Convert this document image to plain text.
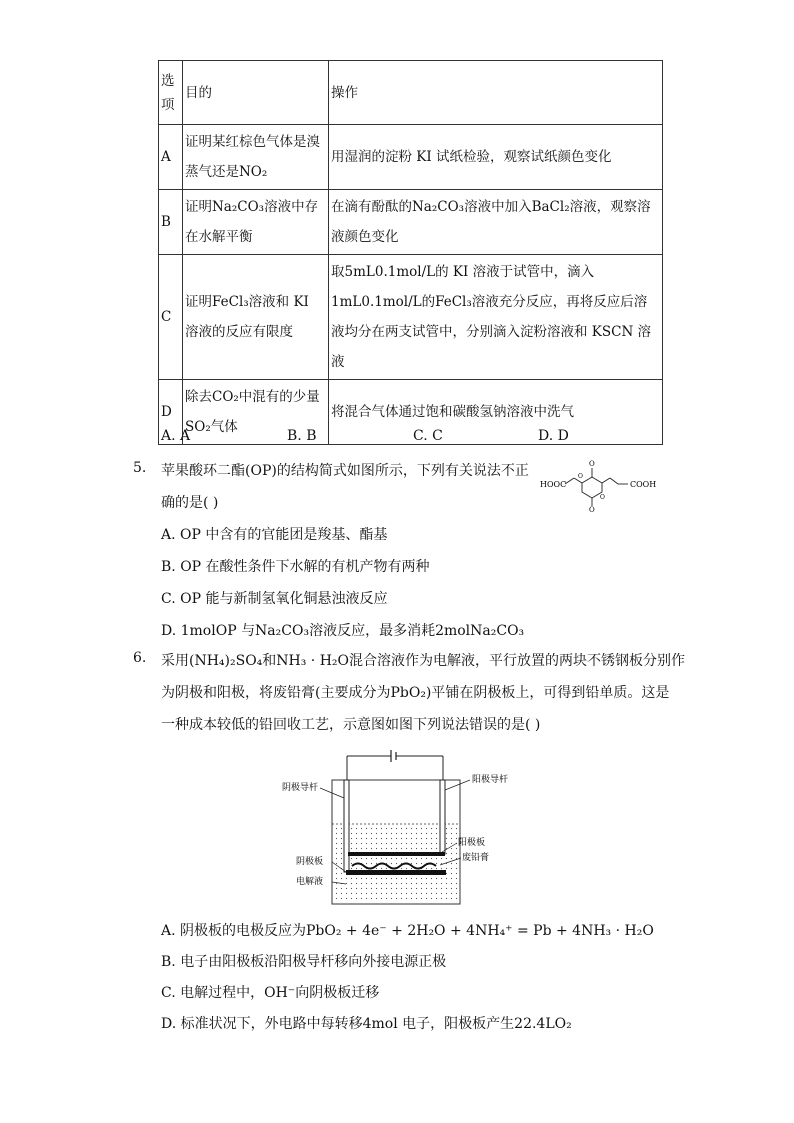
选项	目的	操作
A	证明某红棕色气体是溴蒸气还是NO₂	用湿润的淀粉 KI 试纸检验，观察试纸颜色变化
B	证明Na₂CO₃溶液中存在水解平衡	在滴有酚酞的Na₂CO₃溶液中加入BaCl₂溶液，观察溶液颜色变化
C	证明FeCl₃溶液和 KI 溶液的反应有限度	取5mL0.1mol/L的 KI 溶液于试管中，滴入1mL0.1mol/L的FeCl₃溶液充分反应，再将反应后溶液均分在两支试管中，分别滴入淀粉溶液和 KSCN 溶液
D	除去CO₂中混有的少量SO₂气体	将混合气体通过饱和碳酸氢钠溶液中洗气
A. A	B. B	C. C	D. D
5. 苹果酸环二酯(OP)的结构简式如图所示，下列有关说法不正
确的是( )
HOOC
O
O
O
O
COOH
A. OP 中含有的官能团是羧基、酯基
B. OP 在酸性条件下水解的有机产物有两种
C. OP 能与新制氢氧化铜悬浊液反应
D. 1molOP 与Na₂CO₃溶液反应，最多消耗2molNa₂CO₃
6. 采用(NH₄)₂SO₄和NH₃ · H₂O混合溶液作为电解液，平行放置的两块不锈钢板分别作
为阴极和阳极，将废铅膏(主要成分为PbO₂)平铺在阴极板上，可得到铅单质。这是
一种成本较低的铅回收工艺，示意图如图下列说法错误的是( )
阴极导杆
阳极导杆
阳极板
废铅膏
阴极板
电解液
A. 阴极板的电极反应为PbO₂ + 4e⁻ + 2H₂O + 4NH₄⁺ = Pb + 4NH₃ · H₂O
B. 电子由阳极板沿阳极导杆移向外接电源正极
C. 电解过程中，OH⁻向阴极板迁移
D. 标准状况下，外电路中每转移4mol 电子，阳极板产生22.4LO₂
